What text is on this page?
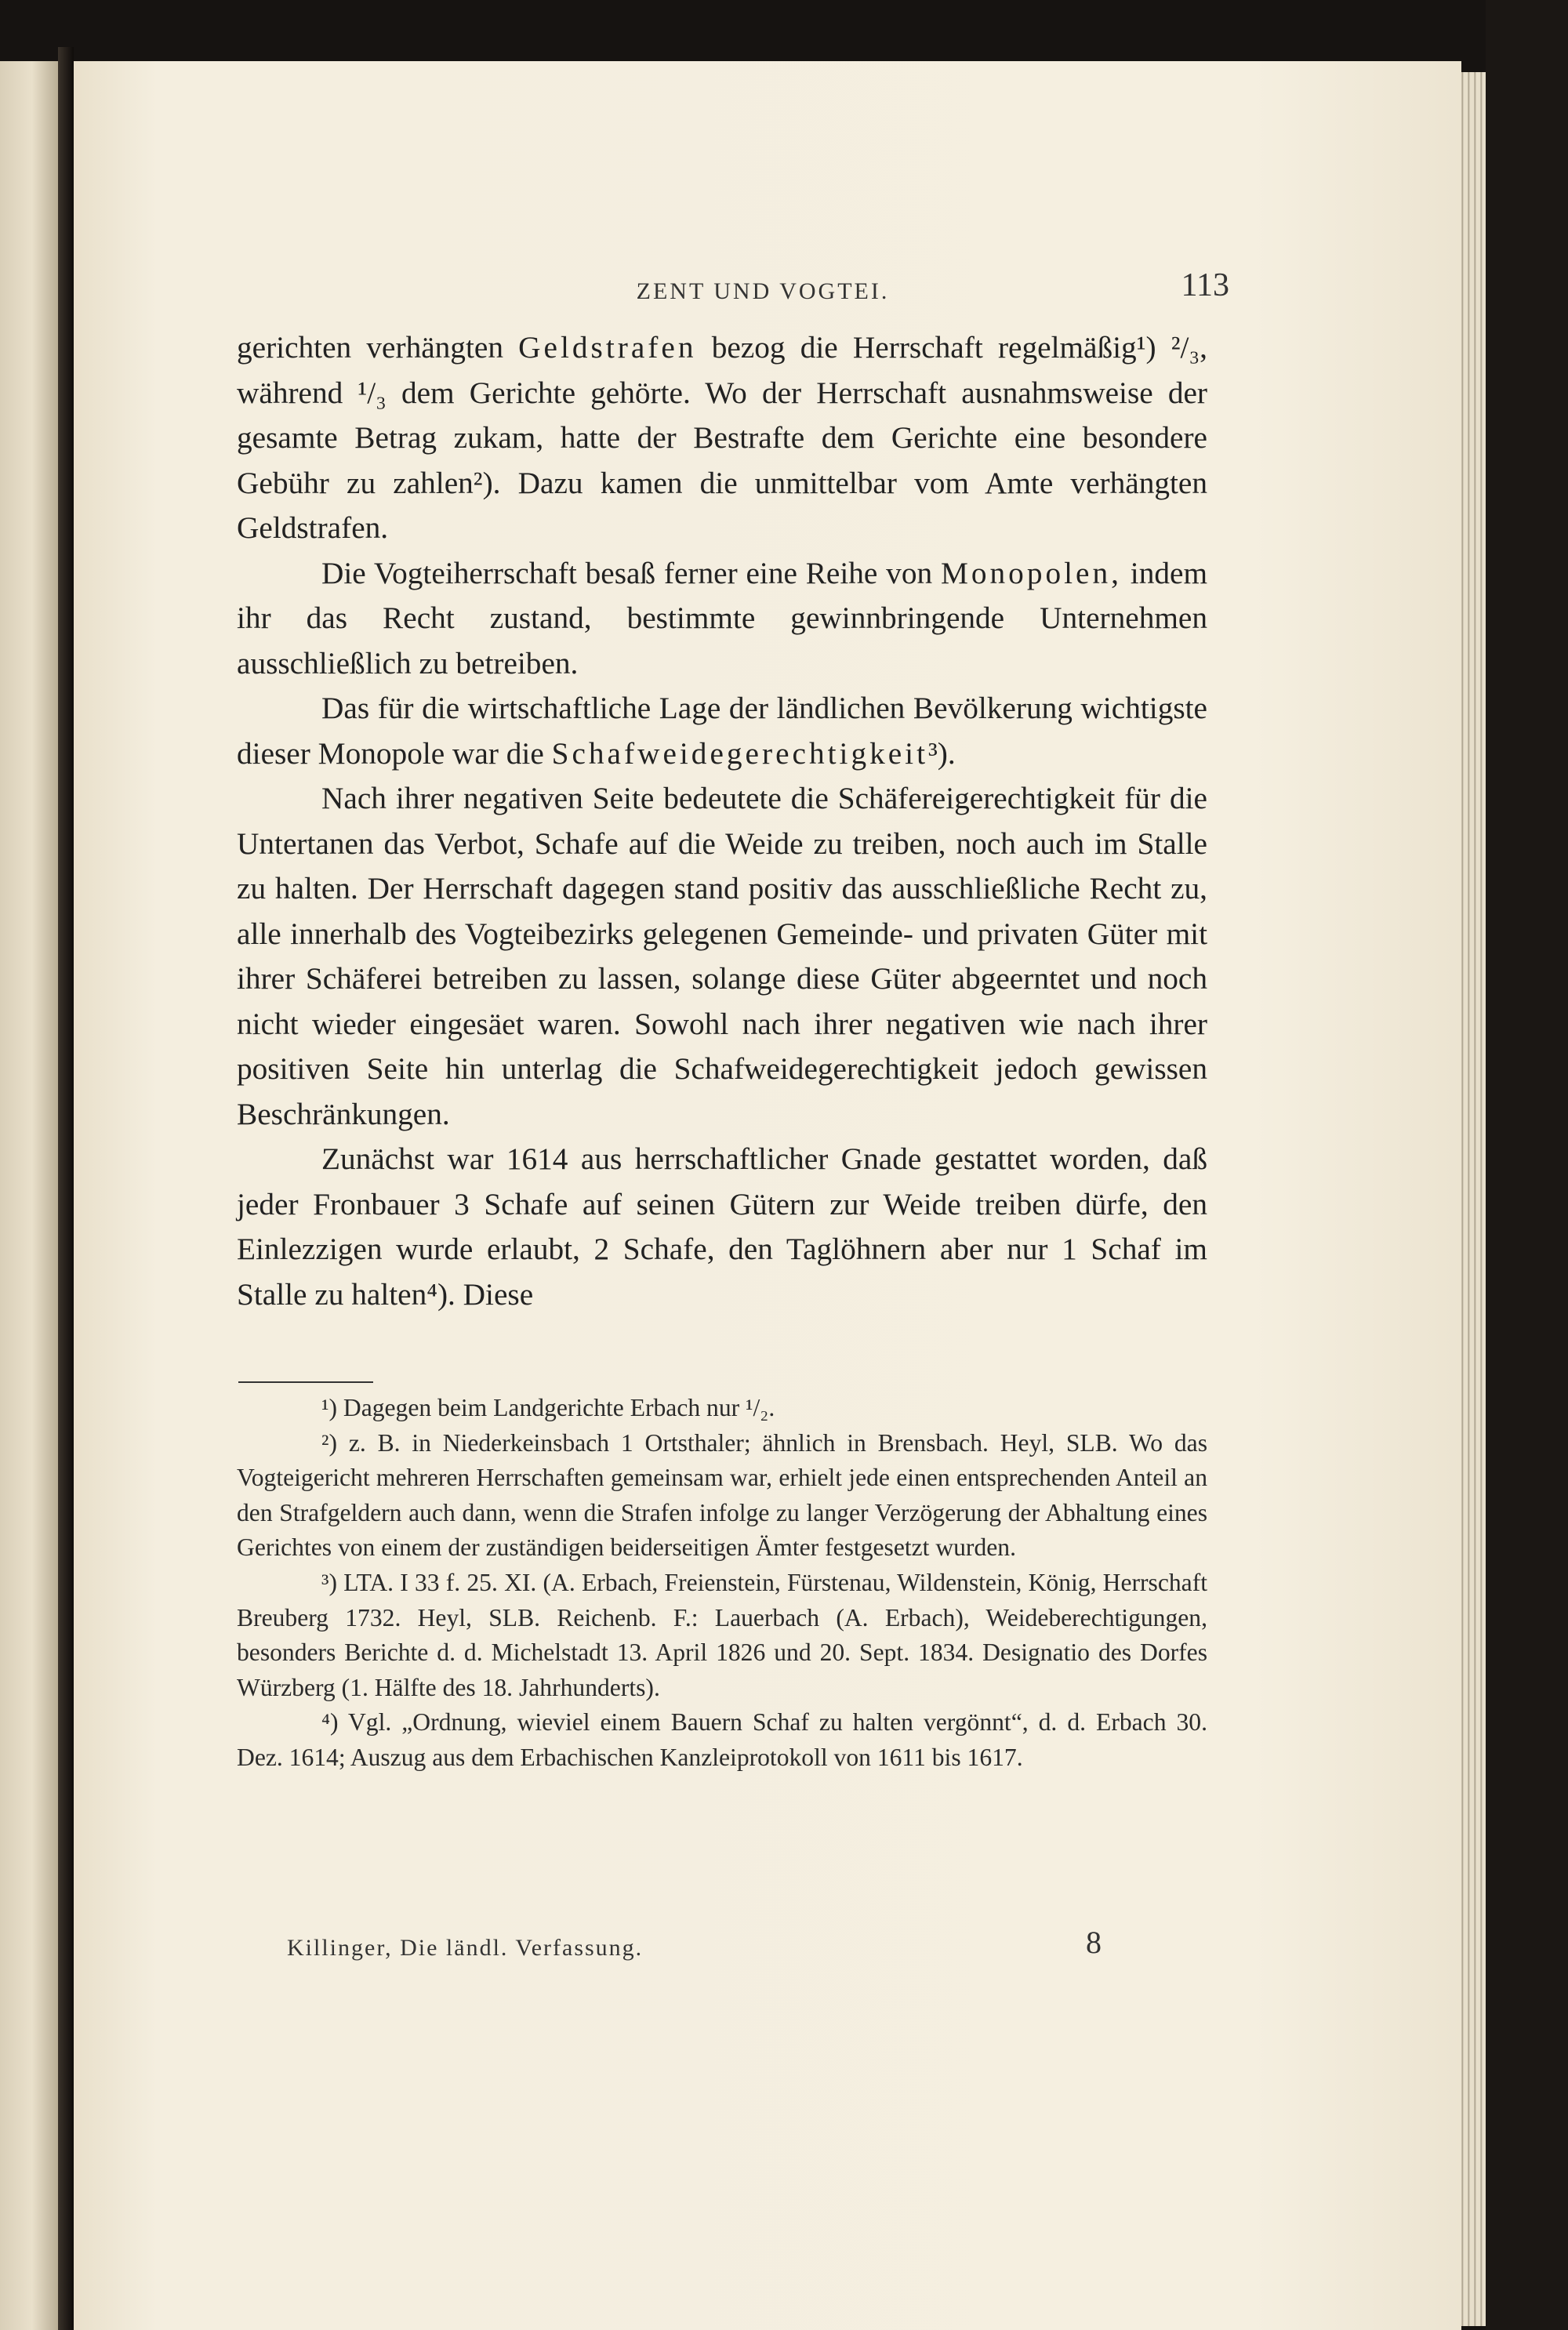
ZENT UND VOGTEI.	113

gerichten verhängten Geldstrafen bezog die Herrschaft regelmäßig¹) ²/₃, während ¹/₃ dem Gerichte gehörte. Wo der Herrschaft ausnahmsweise der gesamte Betrag zukam, hatte der Bestrafte dem Gerichte eine besondere Gebühr zu zahlen²). Dazu kamen die unmittelbar vom Amte verhängten Geldstrafen.

Die Vogteiherrschaft besaß ferner eine Reihe von Monopolen, indem ihr das Recht zustand, bestimmte gewinnbringende Unternehmen ausschließlich zu betreiben.

Das für die wirtschaftliche Lage der ländlichen Bevölkerung wichtigste dieser Monopole war die Schafweidegerechtigkeit³).

Nach ihrer negativen Seite bedeutete die Schäfereigerechtigkeit für die Untertanen das Verbot, Schafe auf die Weide zu treiben, noch auch im Stalle zu halten. Der Herrschaft dagegen stand positiv das ausschließliche Recht zu, alle innerhalb des Vogteibezirks gelegenen Gemeinde- und privaten Güter mit ihrer Schäferei betreiben zu lassen, solange diese Güter abgeerntet und noch nicht wieder eingesäet waren. Sowohl nach ihrer negativen wie nach ihrer positiven Seite hin unterlag die Schafweidegerechtigkeit jedoch gewissen Beschränkungen.

Zunächst war 1614 aus herrschaftlicher Gnade gestattet worden, daß jeder Fronbauer 3 Schafe auf seinen Gütern zur Weide treiben dürfe, den Einlezzigen wurde erlaubt, 2 Schafe, den Taglöhnern aber nur 1 Schaf im Stalle zu halten⁴). Diese

¹) Dagegen beim Landgerichte Erbach nur ¹/₂.

²) z. B. in Niederkeinsbach 1 Ortsthaler; ähnlich in Brensbach. Heyl, SLB. Wo das Vogteigericht mehreren Herrschaften gemeinsam war, erhielt jede einen entsprechenden Anteil an den Strafgeldern auch dann, wenn die Strafen infolge zu langer Verzögerung der Abhaltung eines Gerichtes von einem der zuständigen beiderseitigen Ämter festgesetzt wurden.

³) LTA. I 33 f. 25. XI. (A. Erbach, Freienstein, Fürstenau, Wildenstein, König, Herrschaft Breuberg 1732. Heyl, SLB. Reichenb. F.: Lauerbach (A. Erbach), Weideberechtigungen, besonders Berichte d. d. Michelstadt 13. April 1826 und 20. Sept. 1834. Designatio des Dorfes Würzberg (1. Hälfte des 18. Jahrhunderts).

⁴) Vgl. „Ordnung, wieviel einem Bauern Schaf zu halten vergönnt“, d. d. Erbach 30. Dez. 1614; Auszug aus dem Erbachischen Kanzleiprotokoll von 1611 bis 1617.

Killinger, Die ländl. Verfassung.	8
